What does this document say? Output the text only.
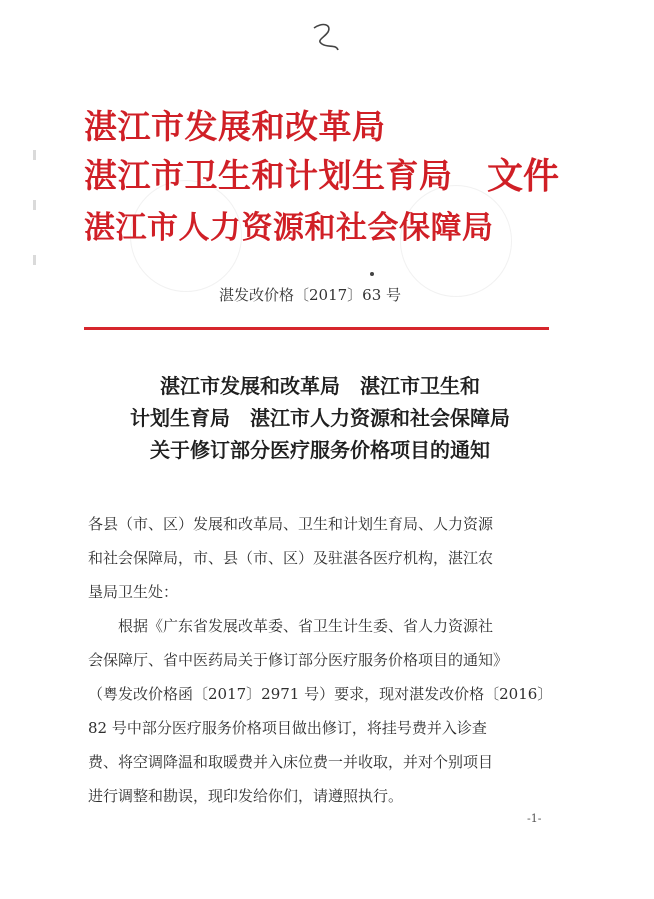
湛江市发展和改革局
湛江市卫生和计划生育局
湛江市人力资源和社会保障局
文件
湛发改价格〔2017〕63 号
湛江市发展和改革局　湛江市卫生和
计划生育局　湛江市人力资源和社会保障局
关于修订部分医疗服务价格项目的通知
各县（市、区）发展和改革局、卫生和计划生育局、人力资源
和社会保障局，市、县（市、区）及驻湛各医疗机构，湛江农
垦局卫生处：
根据《广东省发展改革委、省卫生计生委、省人力资源社
会保障厅、省中医药局关于修订部分医疗服务价格项目的通知》
（粤发改价格函〔2017〕2971 号）要求，现对湛发改价格〔2016〕
82 号中部分医疗服务价格项目做出修订，将挂号费并入诊查
费、将空调降温和取暖费并入床位费一并收取，并对个别项目
进行调整和勘误，现印发给你们，请遵照执行。
-1-
